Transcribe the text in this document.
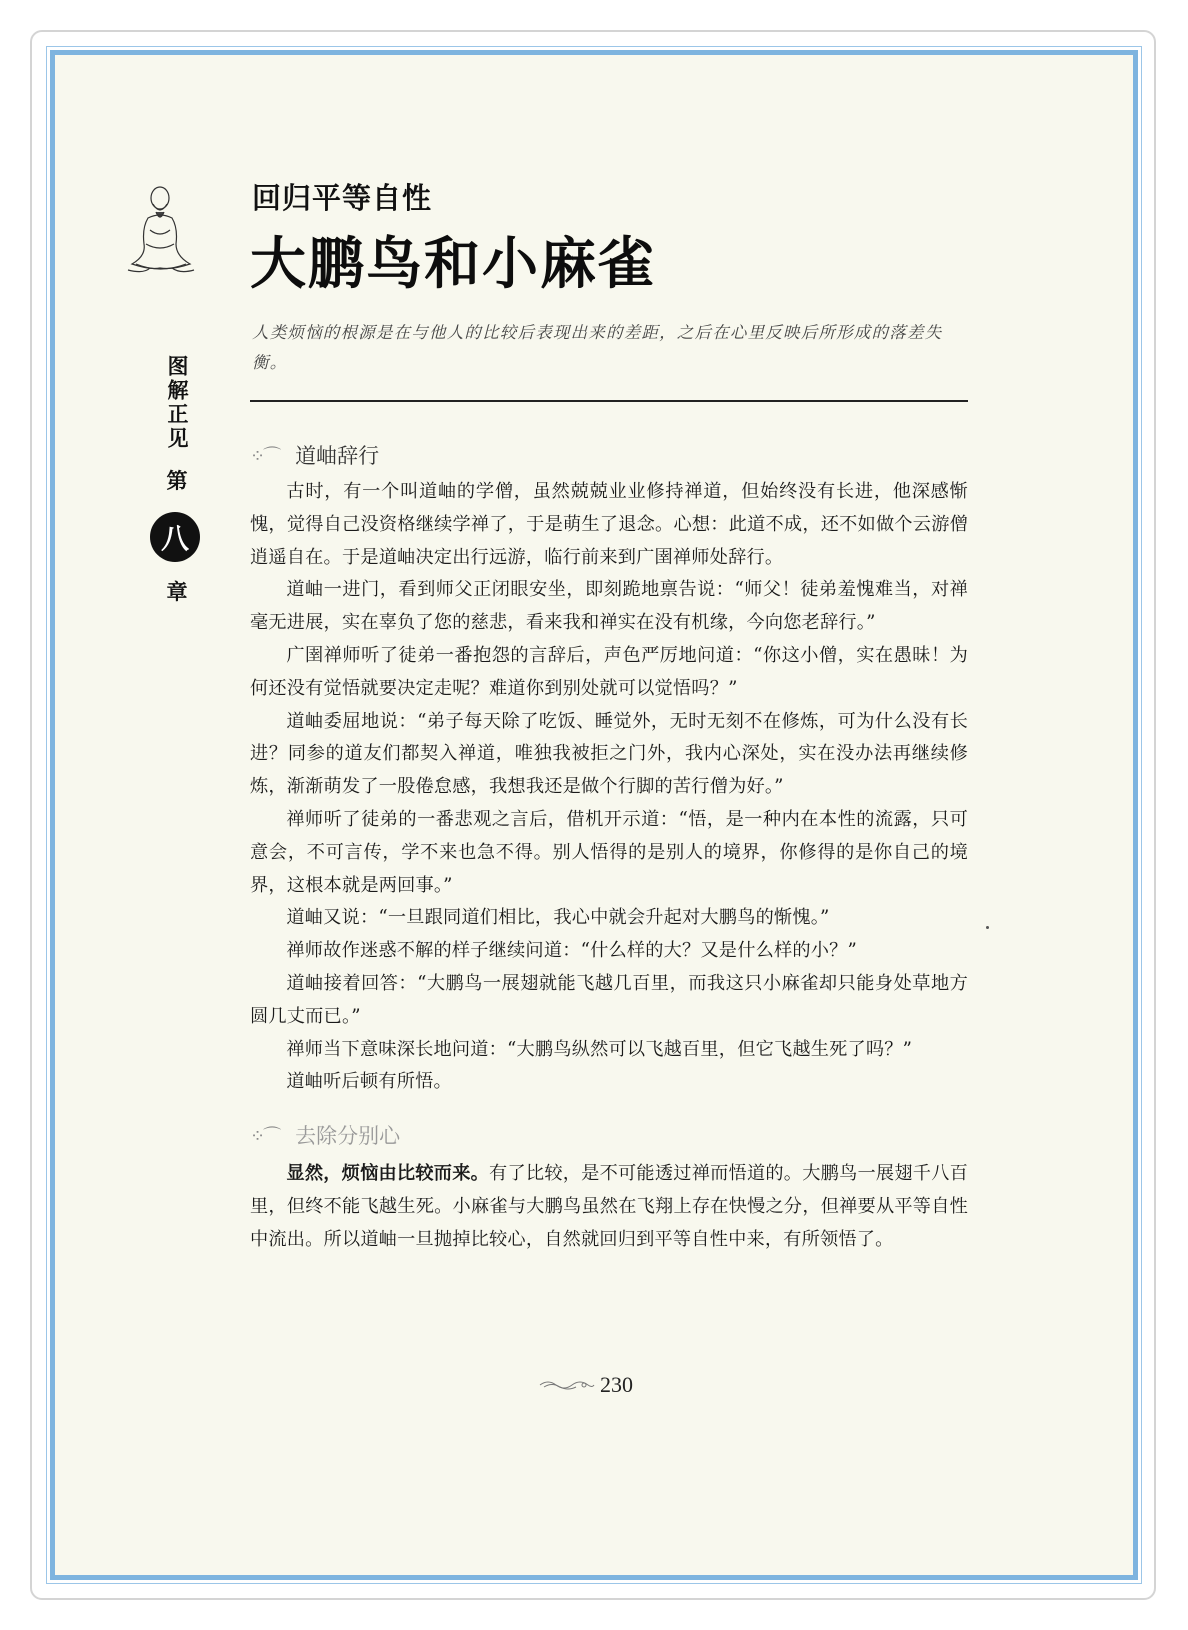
图解正见
第
八
章
回归平等自性
大鹏鸟和小麻雀
人类烦恼的根源是在与他人的比较后表现出来的差距，之后在心里反映后所形成的落差失衡。
⁘⌒ 道岫辞行

古时，有一个叫道岫的学僧，虽然兢兢业业修持禅道，但始终没有长进，他深感惭愧，觉得自己没资格继续学禅了，于是萌生了退念。心想：此道不成，还不如做个云游僧逍遥自在。于是道岫决定出行远游，临行前来到广圉禅师处辞行。

道岫一进门，看到师父正闭眼安坐，即刻跪地禀告说：“师父！徒弟羞愧难当，对禅毫无进展，实在辜负了您的慈悲，看来我和禅实在没有机缘，今向您老辞行。”

广圉禅师听了徒弟一番抱怨的言辞后，声色严厉地问道：“你这小僧，实在愚昧！为何还没有觉悟就要决定走呢？难道你到别处就可以觉悟吗？”

道岫委屈地说：“弟子每天除了吃饭、睡觉外，无时无刻不在修炼，可为什么没有长进？同参的道友们都契入禅道，唯独我被拒之门外，我内心深处，实在没办法再继续修炼，渐渐萌发了一股倦怠感，我想我还是做个行脚的苦行僧为好。”

禅师听了徒弟的一番悲观之言后，借机开示道：“悟，是一种内在本性的流露，只可意会，不可言传，学不来也急不得。别人悟得的是别人的境界，你修得的是你自己的境界，这根本就是两回事。”

道岫又说：“一旦跟同道们相比，我心中就会升起对大鹏鸟的惭愧。”

禅师故作迷惑不解的样子继续问道：“什么样的大？又是什么样的小？”

道岫接着回答：“大鹏鸟一展翅就能飞越几百里，而我这只小麻雀却只能身处草地方圆几丈而已。”

禅师当下意味深长地问道：“大鹏鸟纵然可以飞越百里，但它飞越生死了吗？”

道岫听后顿有所悟。

⁘⌒ 去除分别心

显然，烦恼由比较而来。有了比较，是不可能透过禅而悟道的。大鹏鸟一展翅千八百里，但终不能飞越生死。小麻雀与大鹏鸟虽然在飞翔上存在快慢之分，但禅要从平等自性中流出。所以道岫一旦抛掉比较心，自然就回归到平等自性中来，有所领悟了。

230
